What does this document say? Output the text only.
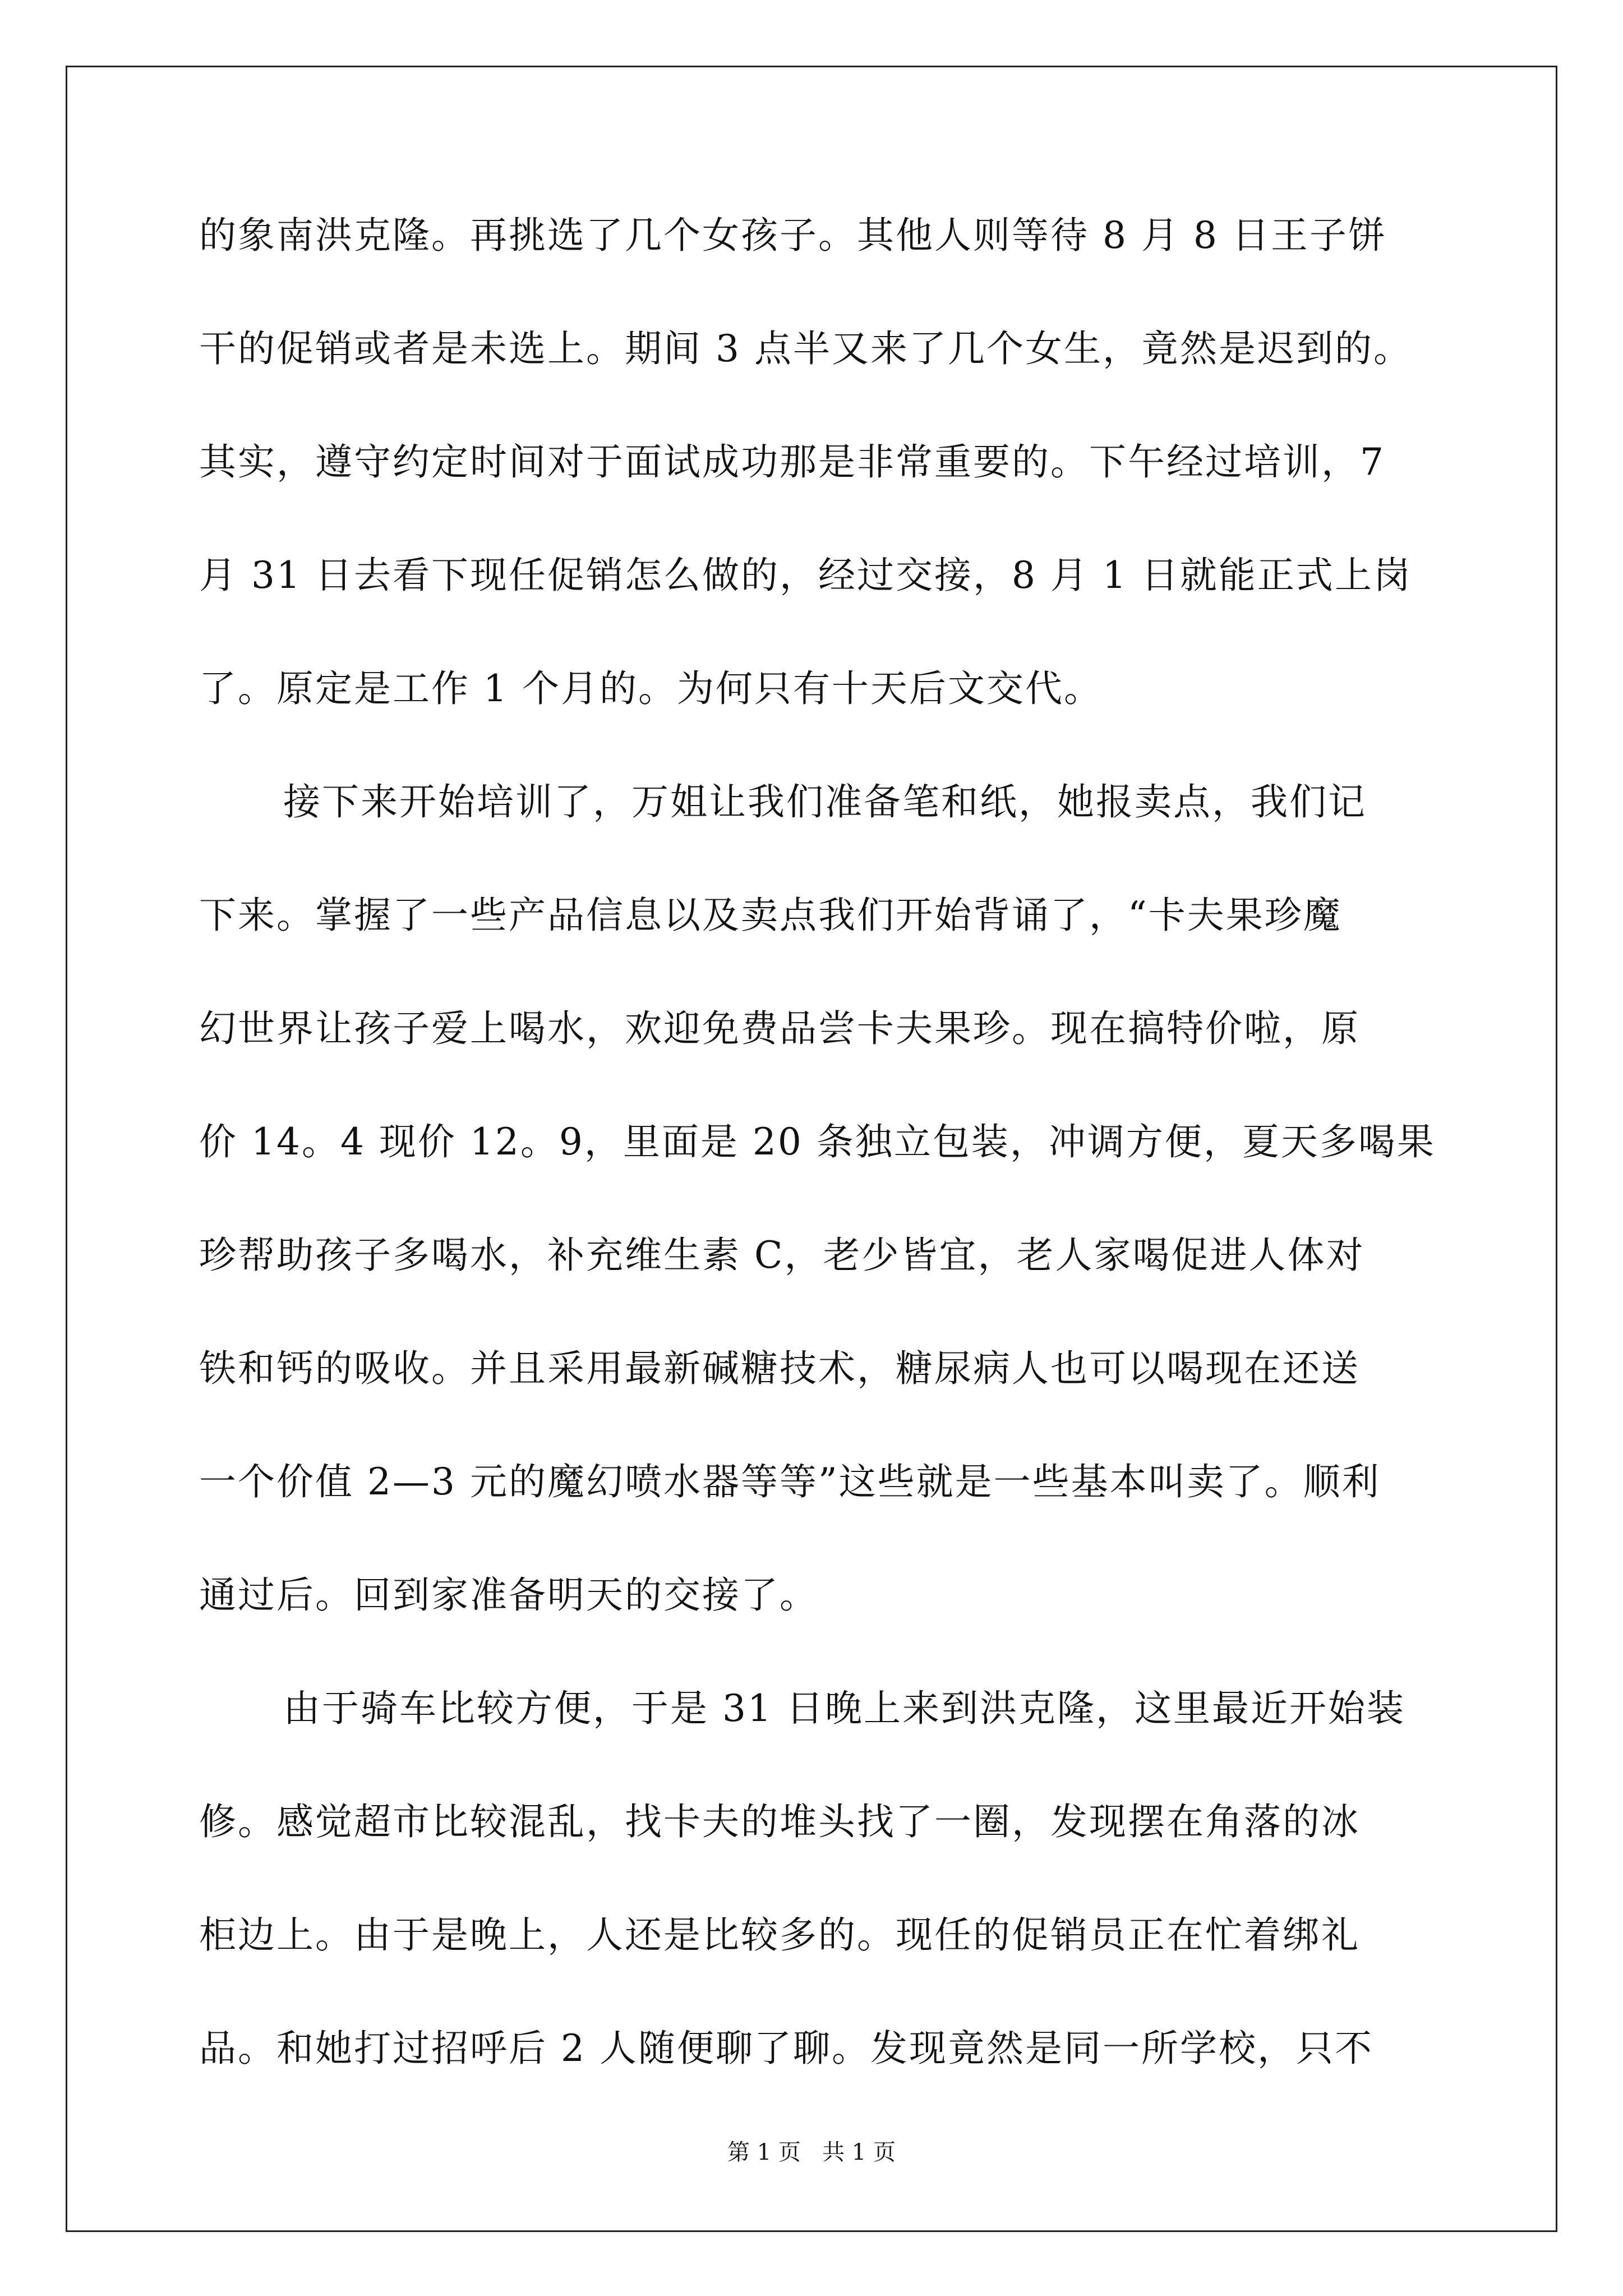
的象南洪克隆。再挑选了几个女孩子。其他人则等待 8 月 8 日王子饼
干的促销或者是未选上。期间 3 点半又来了几个女生，竟然是迟到的。
其实，遵守约定时间对于面试成功那是非常重要的。下午经过培训，7
月 31 日去看下现任促销怎么做的，经过交接，8 月 1 日就能正式上岗
了。原定是工作 1 个月的。为何只有十天后文交代。
接下来开始培训了，万姐让我们准备笔和纸，她报卖点，我们记
下来。掌握了一些产品信息以及卖点我们开始背诵了，“卡夫果珍魔
幻世界让孩子爱上喝水，欢迎免费品尝卡夫果珍。现在搞特价啦，原
价 14。4 现价 12。9，里面是 20 条独立包装，冲调方便，夏天多喝果
珍帮助孩子多喝水，补充维生素 C，老少皆宜，老人家喝促进人体对
铁和钙的吸收。并且采用最新碱糖技术，糖尿病人也可以喝现在还送
一个价值 2—3 元的魔幻喷水器等等”这些就是一些基本叫卖了。顺利
通过后。回到家准备明天的交接了。
由于骑车比较方便，于是 31 日晚上来到洪克隆，这里最近开始装
修。感觉超市比较混乱，找卡夫的堆头找了一圈，发现摆在角落的冰
柜边上。由于是晚上，人还是比较多的。现任的促销员正在忙着绑礼
品。和她打过招呼后 2 人随便聊了聊。发现竟然是同一所学校，只不
第 1 页   共 1 页
